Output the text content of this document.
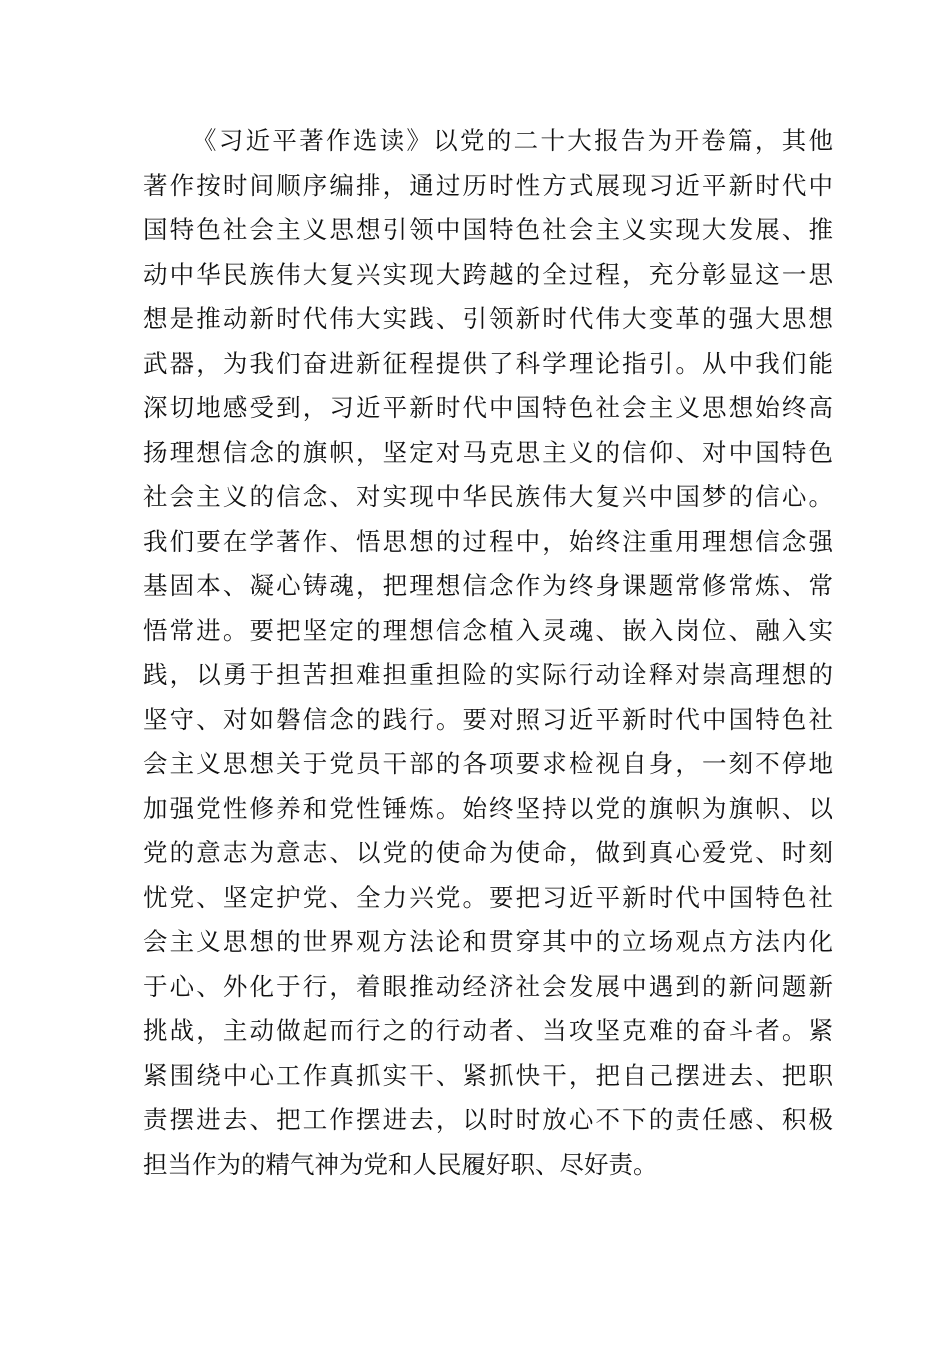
《习近平著作选读》以党的二十大报告为开卷篇，其他
著作按时间顺序编排，通过历时性方式展现习近平新时代中
国特色社会主义思想引领中国特色社会主义实现大发展、推
动中华民族伟大复兴实现大跨越的全过程，充分彰显这一思
想是推动新时代伟大实践、引领新时代伟大变革的强大思想
武器，为我们奋进新征程提供了科学理论指引。从中我们能
深切地感受到，习近平新时代中国特色社会主义思想始终高
扬理想信念的旗帜，坚定对马克思主义的信仰、对中国特色
社会主义的信念、对实现中华民族伟大复兴中国梦的信心。
我们要在学著作、悟思想的过程中，始终注重用理想信念强
基固本、凝心铸魂，把理想信念作为终身课题常修常炼、常
悟常进。要把坚定的理想信念植入灵魂、嵌入岗位、融入实
践，以勇于担苦担难担重担险的实际行动诠释对崇高理想的
坚守、对如磐信念的践行。要对照习近平新时代中国特色社
会主义思想关于党员干部的各项要求检视自身，一刻不停地
加强党性修养和党性锤炼。始终坚持以党的旗帜为旗帜、以
党的意志为意志、以党的使命为使命，做到真心爱党、时刻
忧党、坚定护党、全力兴党。要把习近平新时代中国特色社
会主义思想的世界观方法论和贯穿其中的立场观点方法内化
于心、外化于行，着眼推动经济社会发展中遇到的新问题新
挑战，主动做起而行之的行动者、当攻坚克难的奋斗者。紧
紧围绕中心工作真抓实干、紧抓快干，把自己摆进去、把职
责摆进去、把工作摆进去，以时时放心不下的责任感、积极
担当作为的精气神为党和人民履好职、尽好责。
